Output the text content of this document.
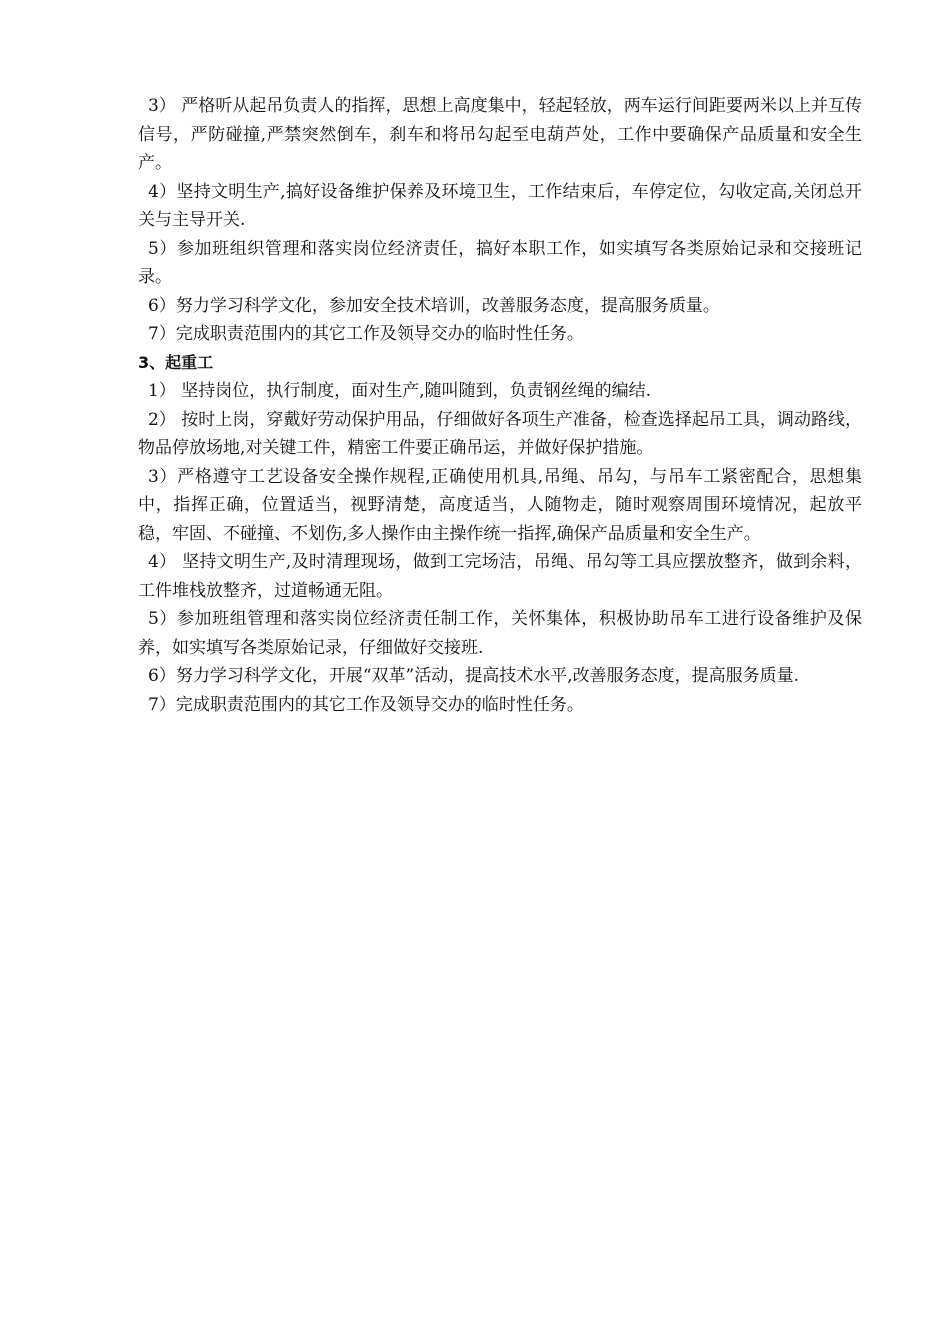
3） 严格听从起吊负责人的指挥，思想上高度集中，轻起轻放，两车运行间距要两米以上并互传信号，严防碰撞,严禁突然倒车，刹车和将吊勾起至电葫芦处，工作中要确保产品质量和安全生产。

4）坚持文明生产,搞好设备维护保养及环境卫生，工作结束后，车停定位，勾收定高,关闭总开关与主导开关.

5）参加班组织管理和落实岗位经济责任，搞好本职工作，如实填写各类原始记录和交接班记录。

6）努力学习科学文化，参加安全技术培训，改善服务态度，提高服务质量。

7）完成职责范围内的其它工作及领导交办的临时性任务。

3、起重工

1） 坚持岗位，执行制度，面对生产,随叫随到，负责钢丝绳的编结.

2） 按时上岗，穿戴好劳动保护用品，仔细做好各项生产准备，检查选择起吊工具，调动路线，物品停放场地,对关键工件，精密工件要正确吊运，并做好保护措施。

3）严格遵守工艺设备安全操作规程,正确使用机具,吊绳、吊勾，与吊车工紧密配合，思想集中，指挥正确，位置适当，视野清楚，高度适当，人随物走，随时观察周围环境情况，起放平稳，牢固、不碰撞、不划伤,多人操作由主操作统一指挥,确保产品质量和安全生产。

4） 坚持文明生产,及时清理现场，做到工完场洁，吊绳、吊勾等工具应摆放整齐，做到余料，工件堆栈放整齐，过道畅通无阻。

5）参加班组管理和落实岗位经济责任制工作，关怀集体，积极协助吊车工进行设备维护及保养，如实填写各类原始记录，仔细做好交接班.

6）努力学习科学文化，开展“双革”活动，提高技术水平,改善服务态度，提高服务质量.

7）完成职责范围内的其它工作及领导交办的临时性任务。
